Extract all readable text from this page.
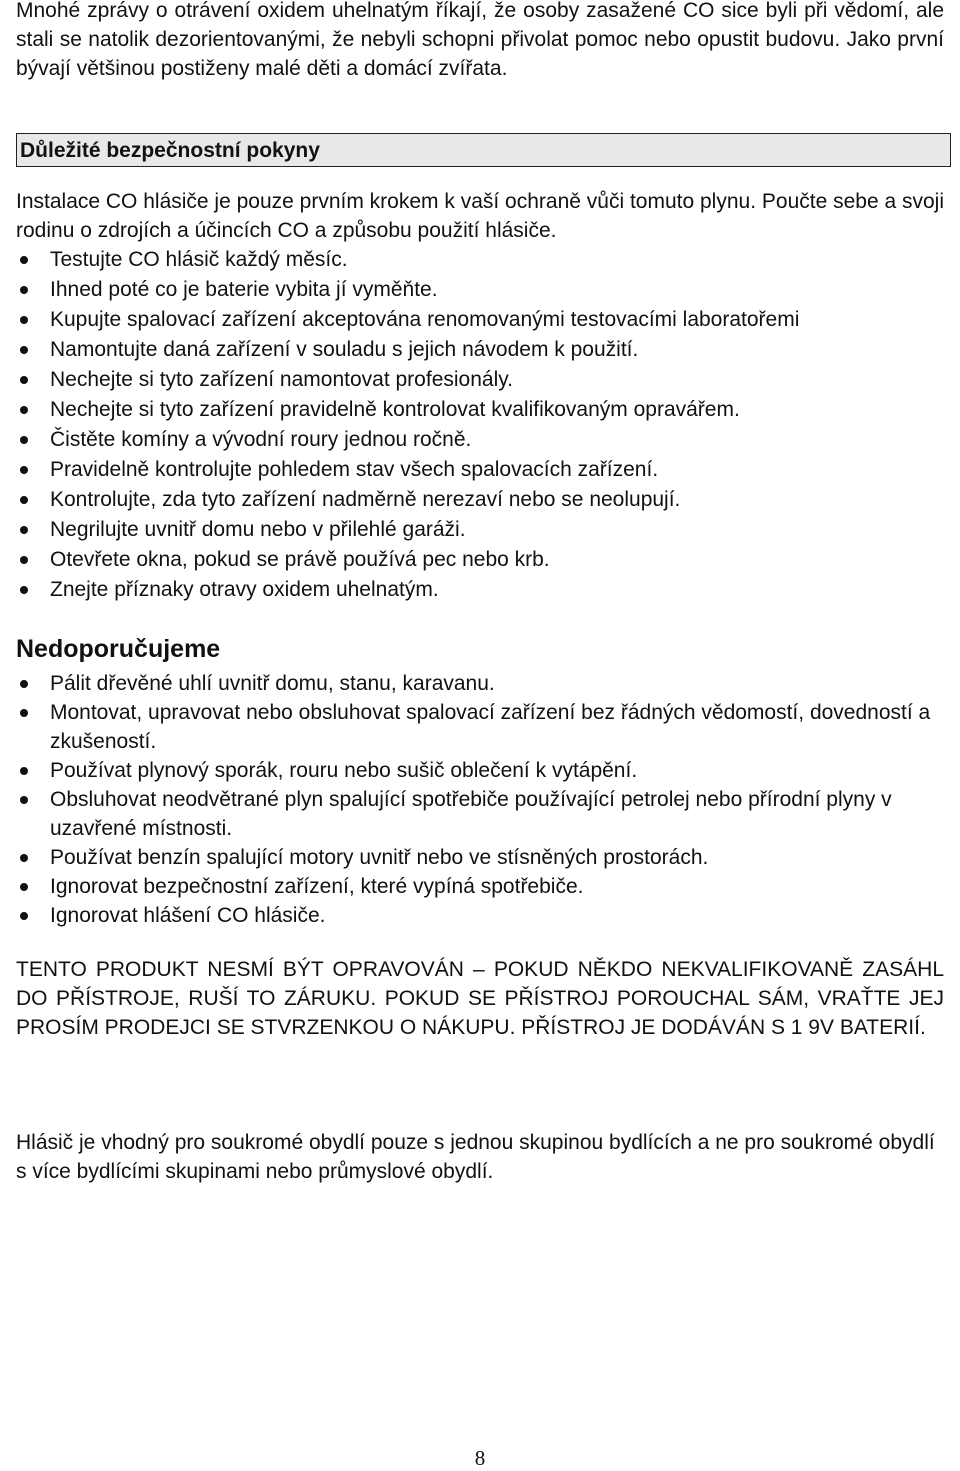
Mnohé zprávy o otrávení oxidem uhelnatým říkají, že osoby zasažené CO sice byli při vědomí, ale stali se natolik dezorientovanými, že nebyli schopni přivolat pomoc nebo opustit budovu. Jako první bývají většinou postiženy malé děti a domácí zvířata.

Důležité bezpečnostní pokyny

Instalace CO hlásiče je pouze prvním krokem k vaší ochraně vůči tomuto plynu. Poučte sebe a svoji rodinu o zdrojích a účincích CO a způsobu použití hlásiče.

Testujte CO hlásič každý měsíc.
Ihned poté co je baterie vybita jí vyměňte.
Kupujte spalovací zařízení akceptována renomovanými testovacími laboratořemi
Namontujte daná zařízení v souladu s jejich návodem k použití.
Nechejte si tyto zařízení namontovat profesionály.
Nechejte si tyto zařízení pravidelně kontrolovat kvalifikovaným opravářem.
Čistěte komíny a vývodní roury jednou ročně.
Pravidelně kontrolujte pohledem stav všech spalovacích zařízení.
Kontrolujte, zda tyto zařízení nadměrně nerezaví nebo se neolupují.
Negrilujte uvnitř domu nebo v přilehlé garáži.
Otevřete okna, pokud se právě používá pec nebo krb.
Znejte příznaky otravy oxidem uhelnatým.
Nedoporučujeme
Pálit dřevěné uhlí uvnitř domu, stanu, karavanu.
Montovat, upravovat nebo obsluhovat spalovací zařízení bez řádných vědomostí, dovedností a zkušeností.
Používat plynový sporák, rouru nebo sušič oblečení k vytápění.
Obsluhovat neodvětrané plyn spalující spotřebiče používající petrolej nebo přírodní plyny v uzavřené místnosti.
Používat benzín spalující motory uvnitř nebo ve stísněných prostorách.
Ignorovat bezpečnostní zařízení, které vypíná spotřebiče.
Ignorovat hlášení CO hlásiče.

TENTO PRODUKT NESMÍ BÝT OPRAVOVÁN – POKUD NĚKDO NEKVALIFIKOVANĚ ZASÁHL DO PŘÍSTROJE, RUŠÍ TO ZÁRUKU. POKUD SE PŘÍSTROJ POROUCHAL SÁM, VRAŤTE JEJ PROSÍM PRODEJCI SE STVRZENKOU O NÁKUPU. PŘÍSTROJ JE DODÁVÁN S 1 9V BATERIÍ.

Hlásič je vhodný pro soukromé obydlí pouze s jednou skupinou bydlících a ne pro soukromé obydlí s více bydlícími skupinami nebo průmyslové obydlí.

8
